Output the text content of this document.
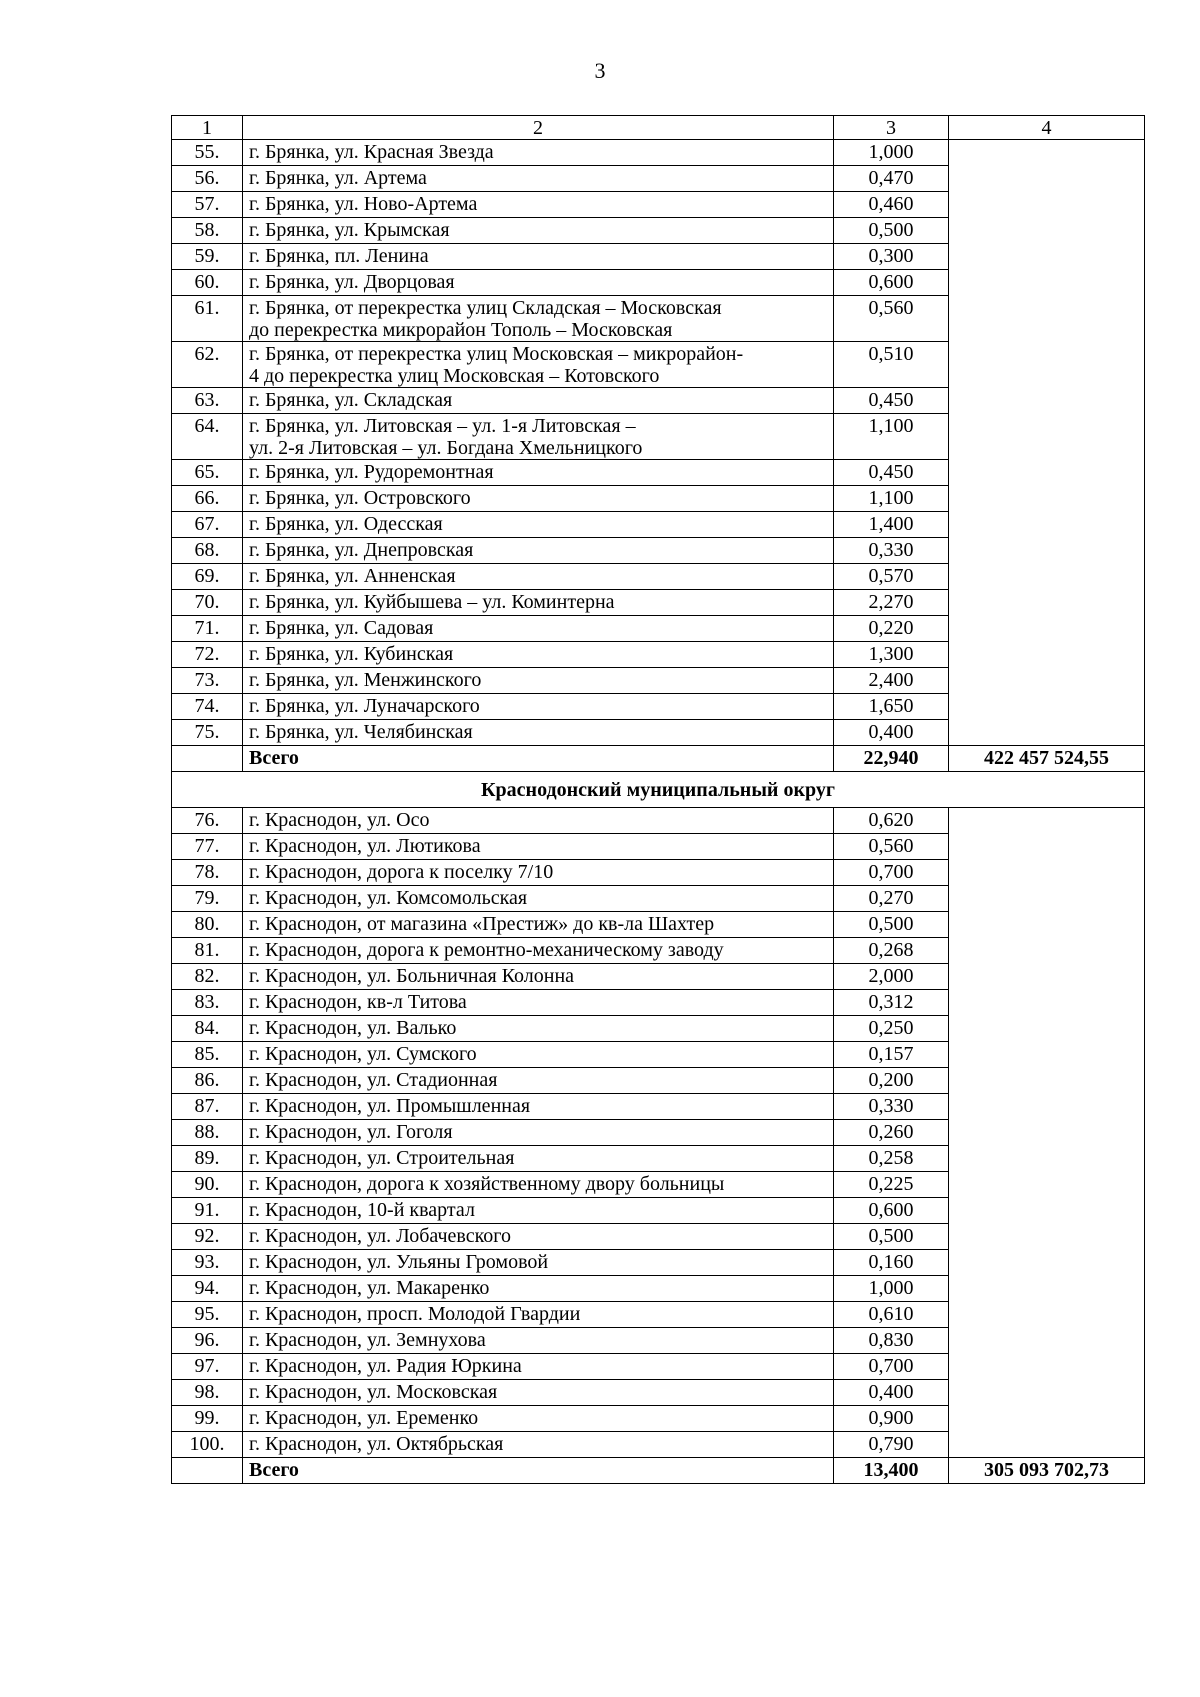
3
1	2	3	4
55.	г. Брянка, ул. Красная Звезда	1,000	
56.	г. Брянка, ул. Артема	0,470	
57.	г. Брянка, ул. Ново-Артема	0,460	
58.	г. Брянка, ул. Крымская	0,500	
59.	г. Брянка, пл. Ленина	0,300	
60.	г. Брянка, ул. Дворцовая	0,600	
61.	г. Брянка, от перекрестка улиц Складская – Московская
до перекрестка микрорайон Тополь – Московская	0,560	
62.	г. Брянка, от перекрестка улиц Московская – микрорайон-
4 до перекрестка улиц Московская – Котовского	0,510	
63.	г. Брянка, ул. Складская	0,450	
64.	г. Брянка, ул. Литовская – ул. 1-я Литовская –
ул. 2-я Литовская – ул. Богдана Хмельницкого	1,100	
65.	г. Брянка, ул. Рудоремонтная	0,450	
66.	г. Брянка, ул. Островского	1,100	
67.	г. Брянка, ул. Одесская	1,400	
68.	г. Брянка, ул. Днепровская	0,330	
69.	г. Брянка, ул. Анненская	0,570	
70.	г. Брянка, ул. Куйбышева – ул. Коминтерна	2,270	
71.	г. Брянка, ул. Садовая	0,220	
72.	г. Брянка, ул. Кубинская	1,300	
73.	г. Брянка, ул. Менжинского	2,400	
74.	г. Брянка, ул. Луначарского	1,650	
75.	г. Брянка, ул. Челябинская	0,400	
	Всего	22,940	422 457 524,55
Краснодонский муниципальный округ			
76.	г. Краснодон, ул. Осо	0,620	
77.	г. Краснодон, ул. Лютикова	0,560	
78.	г. Краснодон, дорога к поселку 7/10	0,700	
79.	г. Краснодон, ул. Комсомольская	0,270	
80.	г. Краснодон, от магазина «Престиж» до кв-ла Шахтер	0,500	
81.	г. Краснодон, дорога к ремонтно-механическому заводу	0,268	
82.	г. Краснодон, ул. Больничная Колонна	2,000	
83.	г. Краснодон, кв-л Титова	0,312	
84.	г. Краснодон, ул. Валько	0,250	
85.	г. Краснодон, ул. Сумского	0,157	
86.	г. Краснодон, ул. Стадионная	0,200	
87.	г. Краснодон, ул. Промышленная	0,330	
88.	г. Краснодон, ул. Гоголя	0,260	
89.	г. Краснодон, ул. Строительная	0,258	
90.	г. Краснодон, дорога к хозяйственному двору больницы	0,225	
91.	г. Краснодон, 10-й квартал	0,600	
92.	г. Краснодон, ул. Лобачевского	0,500	
93.	г. Краснодон, ул. Ульяны Громовой	0,160	
94.	г. Краснодон, ул. Макаренко	1,000	
95.	г. Краснодон, просп. Молодой Гвардии	0,610	
96.	г. Краснодон, ул. Земнухова	0,830	
97.	г. Краснодон, ул. Радия Юркина	0,700	
98.	г. Краснодон, ул. Московская	0,400	
99.	г. Краснодон, ул. Еременко	0,900	
100.	г. Краснодон, ул. Октябрьская	0,790	
	Всего	13,400	305 093 702,73
